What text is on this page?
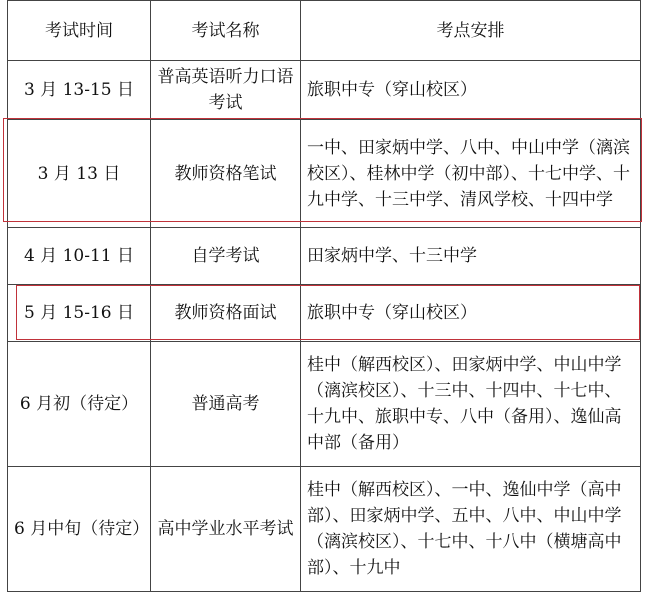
考试时间	考试名称	考点安排
3 月 13-15 日	普高英语听力口语考试	旅职中专（穿山校区）
3 月 13 日	教师资格笔试	一中、田家炳中学、八中、中山中学（漓滨校区）、桂林中学（初中部）、十七中学、十九中学、十三中学、清风学校、十四中学
4 月 10-11 日	自学考试	田家炳中学、十三中学
5 月 15-16 日	教师资格面试	旅职中专（穿山校区）
6 月初（待定）	普通高考	桂中（解西校区）、田家炳中学、中山中学（漓滨校区）、十三中、十四中、十七中、十九中、旅职中专、八中（备用）、逸仙高中部（备用）
6 月中旬（待定）	高中学业水平考试	桂中（解西校区）、一中、逸仙中学（高中部）、田家炳中学、五中、八中、中山中学（漓滨校区）、十七中、十八中（横塘高中部）、十九中
